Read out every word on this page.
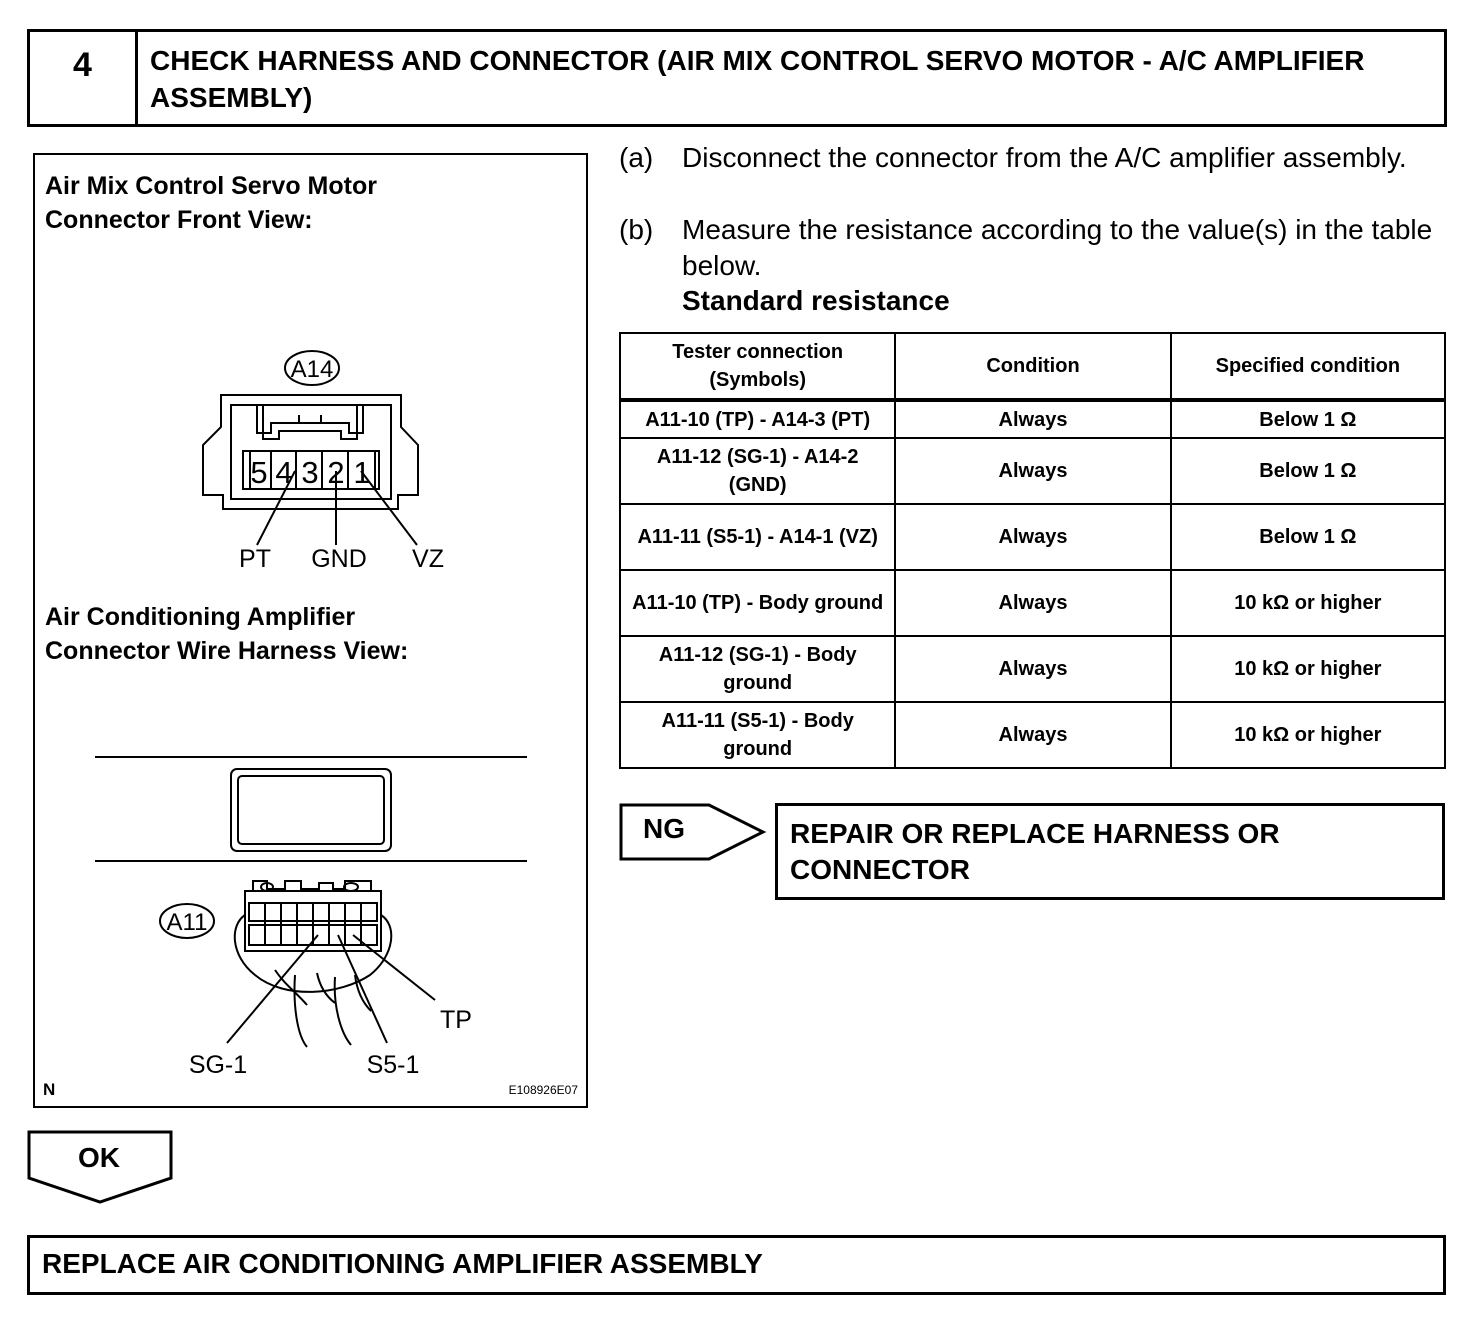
4	CHECK HARNESS AND CONNECTOR (AIR MIX CONTROL SERVO MOTOR - A/C AMPLIFIER ASSEMBLY)
Air Mix Control Servo Motor Connector Front View:
A14
5 4 3 2 1
PT GND VZ
A11
TP
SG-1	S5-1
Air Conditioning Amplifier Connector Wire Harness View:
N	E108926E07
(a) Disconnect the connector from the A/C amplifier assembly.
(b) Measure the resistance according to the value(s) in the table below.
Standard resistance
Tester connection (Symbols)	Condition	Specified condition
A11-10 (TP) - A14-3 (PT)	Always	Below 1 Ω
A11-12 (SG-1) - A14-2 (GND)	Always	Below 1 Ω
A11-11 (S5-1) - A14-1 (VZ)	Always	Below 1 Ω
A11-10 (TP) - Body ground	Always	10 kΩ or higher
A11-12 (SG-1) - Body ground	Always	10 kΩ or higher
A11-11 (S5-1) - Body ground	Always	10 kΩ or higher
NG	REPAIR OR REPLACE HARNESS OR CONNECTOR
OK
REPLACE AIR CONDITIONING AMPLIFIER ASSEMBLY
